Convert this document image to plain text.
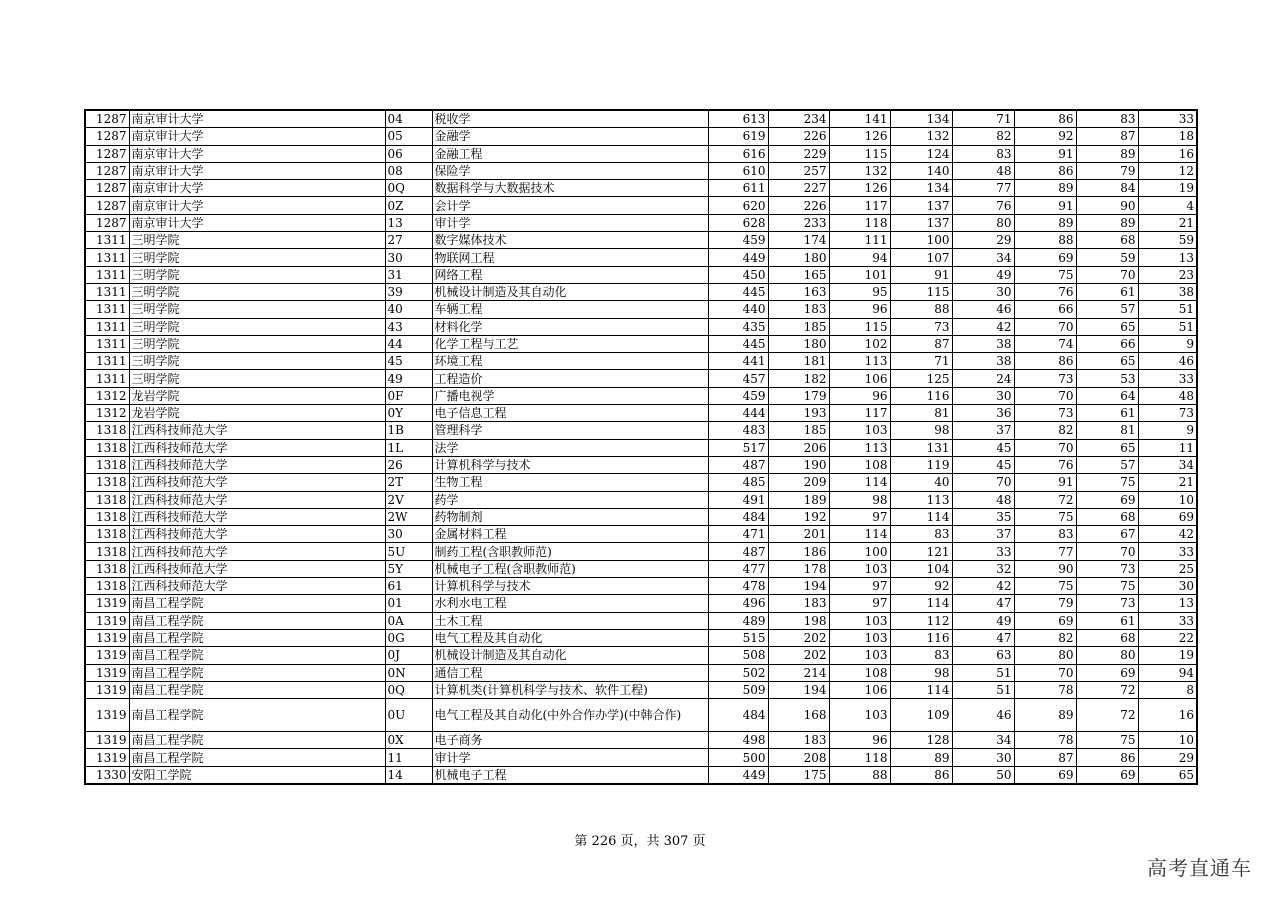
1287	南京审计大学	04	税收学	613	234	141	134	71	86	83	33
1287	南京审计大学	05	金融学	619	226	126	132	82	92	87	18
1287	南京审计大学	06	金融工程	616	229	115	124	83	91	89	16
1287	南京审计大学	08	保险学	610	257	132	140	48	86	79	12
1287	南京审计大学	0Q	数据科学与大数据技术	611	227	126	134	77	89	84	19
1287	南京审计大学	0Z	会计学	620	226	117	137	76	91	90	4
1287	南京审计大学	13	审计学	628	233	118	137	80	89	89	21
1311	三明学院	27	数字媒体技术	459	174	111	100	29	88	68	59
1311	三明学院	30	物联网工程	449	180	94	107	34	69	59	13
1311	三明学院	31	网络工程	450	165	101	91	49	75	70	23
1311	三明学院	39	机械设计制造及其自动化	445	163	95	115	30	76	61	38
1311	三明学院	40	车辆工程	440	183	96	88	46	66	57	51
1311	三明学院	43	材料化学	435	185	115	73	42	70	65	51
1311	三明学院	44	化学工程与工艺	445	180	102	87	38	74	66	9
1311	三明学院	45	环境工程	441	181	113	71	38	86	65	46
1311	三明学院	49	工程造价	457	182	106	125	24	73	53	33
1312	龙岩学院	0F	广播电视学	459	179	96	116	30	70	64	48
1312	龙岩学院	0Y	电子信息工程	444	193	117	81	36	73	61	73
1318	江西科技师范大学	1B	管理科学	483	185	103	98	37	82	81	9
1318	江西科技师范大学	1L	法学	517	206	113	131	45	70	65	11
1318	江西科技师范大学	26	计算机科学与技术	487	190	108	119	45	76	57	34
1318	江西科技师范大学	2T	生物工程	485	209	114	40	70	91	75	21
1318	江西科技师范大学	2V	药学	491	189	98	113	48	72	69	10
1318	江西科技师范大学	2W	药物制剂	484	192	97	114	35	75	68	69
1318	江西科技师范大学	30	金属材料工程	471	201	114	83	37	83	67	42
1318	江西科技师范大学	5U	制药工程(含职教师范)	487	186	100	121	33	77	70	33
1318	江西科技师范大学	5Y	机械电子工程(含职教师范)	477	178	103	104	32	90	73	25
1318	江西科技师范大学	61	计算机科学与技术	478	194	97	92	42	75	75	30
1319	南昌工程学院	01	水利水电工程	496	183	97	114	47	79	73	13
1319	南昌工程学院	0A	土木工程	489	198	103	112	49	69	61	33
1319	南昌工程学院	0G	电气工程及其自动化	515	202	103	116	47	82	68	22
1319	南昌工程学院	0J	机械设计制造及其自动化	508	202	103	83	63	80	80	19
1319	南昌工程学院	0N	通信工程	502	214	108	98	51	70	69	94
1319	南昌工程学院	0Q	计算机类(计算机科学与技术、软件工程)	509	194	106	114	51	78	72	8
1319	南昌工程学院	0U	电气工程及其自动化(中外合作办学)(中韩合作)	484	168	103	109	46	89	72	16
1319	南昌工程学院	0X	电子商务	498	183	96	128	34	78	75	10
1319	南昌工程学院	11	审计学	500	208	118	89	30	87	86	29
1330	安阳工学院	14	机械电子工程	449	175	88	86	50	69	69	65
第 226 页，共 307 页
高考直通车
